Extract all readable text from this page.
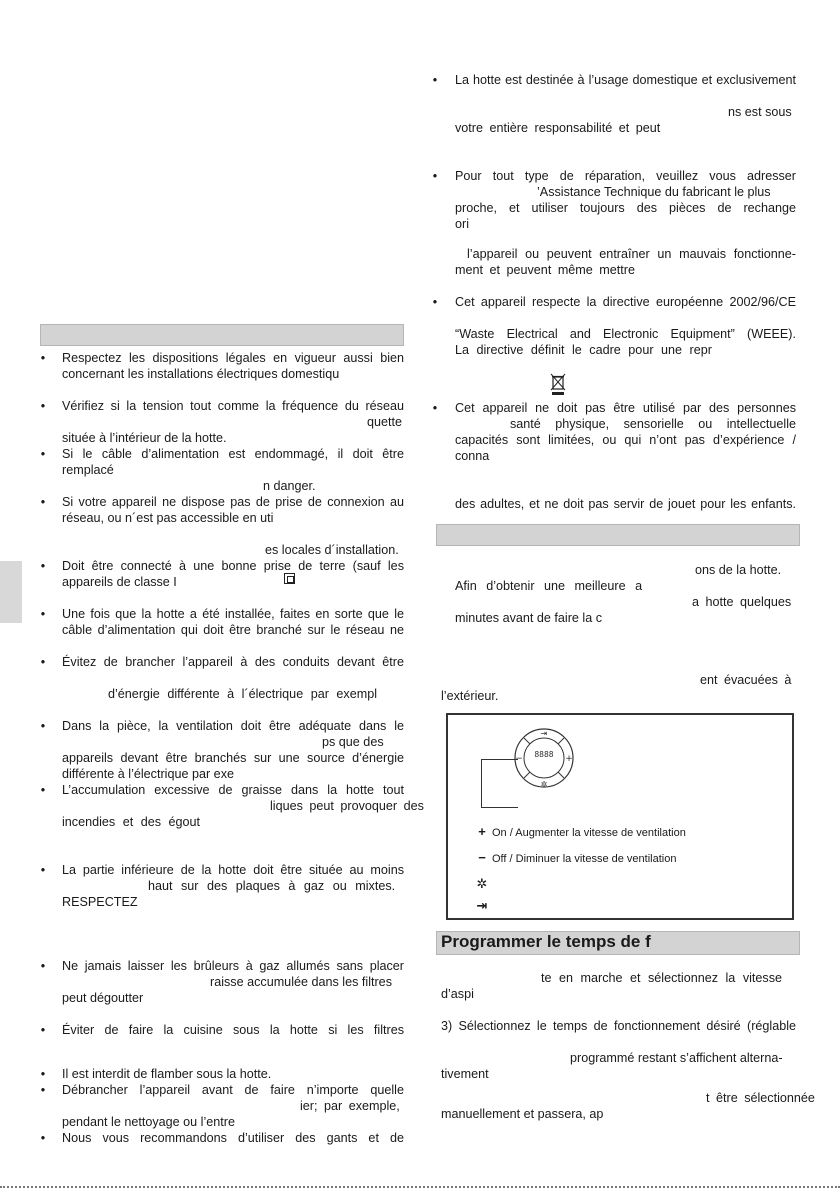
• Respectez les dispositions légales en vigueur aussi bien
concernant les installations électriques domestiqu
• Vérifiez si la tension tout comme la fréquence du réseau
quette
située à l’intérieur de la hotte.
• Si le câble d’alimentation est endommagé, il doit être
remplacé
n danger.
• Si votre appareil ne dispose pas de prise de connexion au
réseau, ou n´est pas accessible en uti
es locales d´installation.
• Doit être connecté à une bonne prise de terre (sauf les
appareils de classe I
• Une fois que la hotte a été installée, faites en sorte que le
câble d’alimentation qui doit être branché sur le réseau ne
• Évitez de brancher l’appareil à des conduits devant être
d’énergie différente à l´électrique par exempl
• Dans la pièce, la ventilation doit être adéquate dans le
ps que des
appareils devant être branchés sur une source d’énergie
différente à l’électrique par exe
• L’accumulation excessive de graisse dans la hotte tout
liques peut provoquer des
incendies et des égout
• La partie inférieure de la hotte doit être située au moins
haut sur des plaques à gaz ou mixtes.
RESPECTEZ
• Ne jamais laisser les brûleurs à gaz allumés sans placer
raisse accumulée dans les filtres
peut dégoutter
• Éviter de faire la cuisine sous la hotte si les filtres
• Il est interdit de flamber sous la hotte.
• Débrancher l’appareil avant de faire n’importe quelle
ier; par exemple,
pendant le nettoyage ou l’entre
• Nous vous recommandons d’utiliser des gants et de
• La hotte est destinée à l’usage domestique et exclusivement
ns est sous
votre entière responsabilité et peut
• Pour tout type de réparation, veuillez vous adresser
’Assistance Technique du fabricant le plus
proche, et utiliser toujours des pièces de rechange
ori
l’appareil ou peuvent entraîner un mauvais fonctionne-
ment et peuvent même mettre
• Cet appareil respecte la directive européenne 2002/96/CE
“Waste Electrical and Electronic Equipment” (WEEE).
La directive définit le cadre pour une repr
• Cet appareil ne doit pas être utilisé par des personnes
santé physique, sensorielle ou intellectuelle
capacités sont limitées, ou qui n’ont pas d’expérience /
conna
des adultes, et ne doit pas servir de jouet pour les enfants.
ons de la hotte.
Afin d’obtenir une meilleure a
a hotte quelques
minutes avant de faire la c
ent évacuées à
l’extérieur.
⇥
✲
−	+
8888
+ On / Augmenter la vitesse de ventilation
− Off / Diminuer la vitesse de ventilation
✲
⇥
Programmer le temps de f
te en marche et sélectionnez la vitesse
d’aspi
3) Sélectionnez le temps de fonctionnement désiré (réglable
programmé restant s’affichent alterna-
tivement
t être sélectionnée
manuellement et passera, ap
